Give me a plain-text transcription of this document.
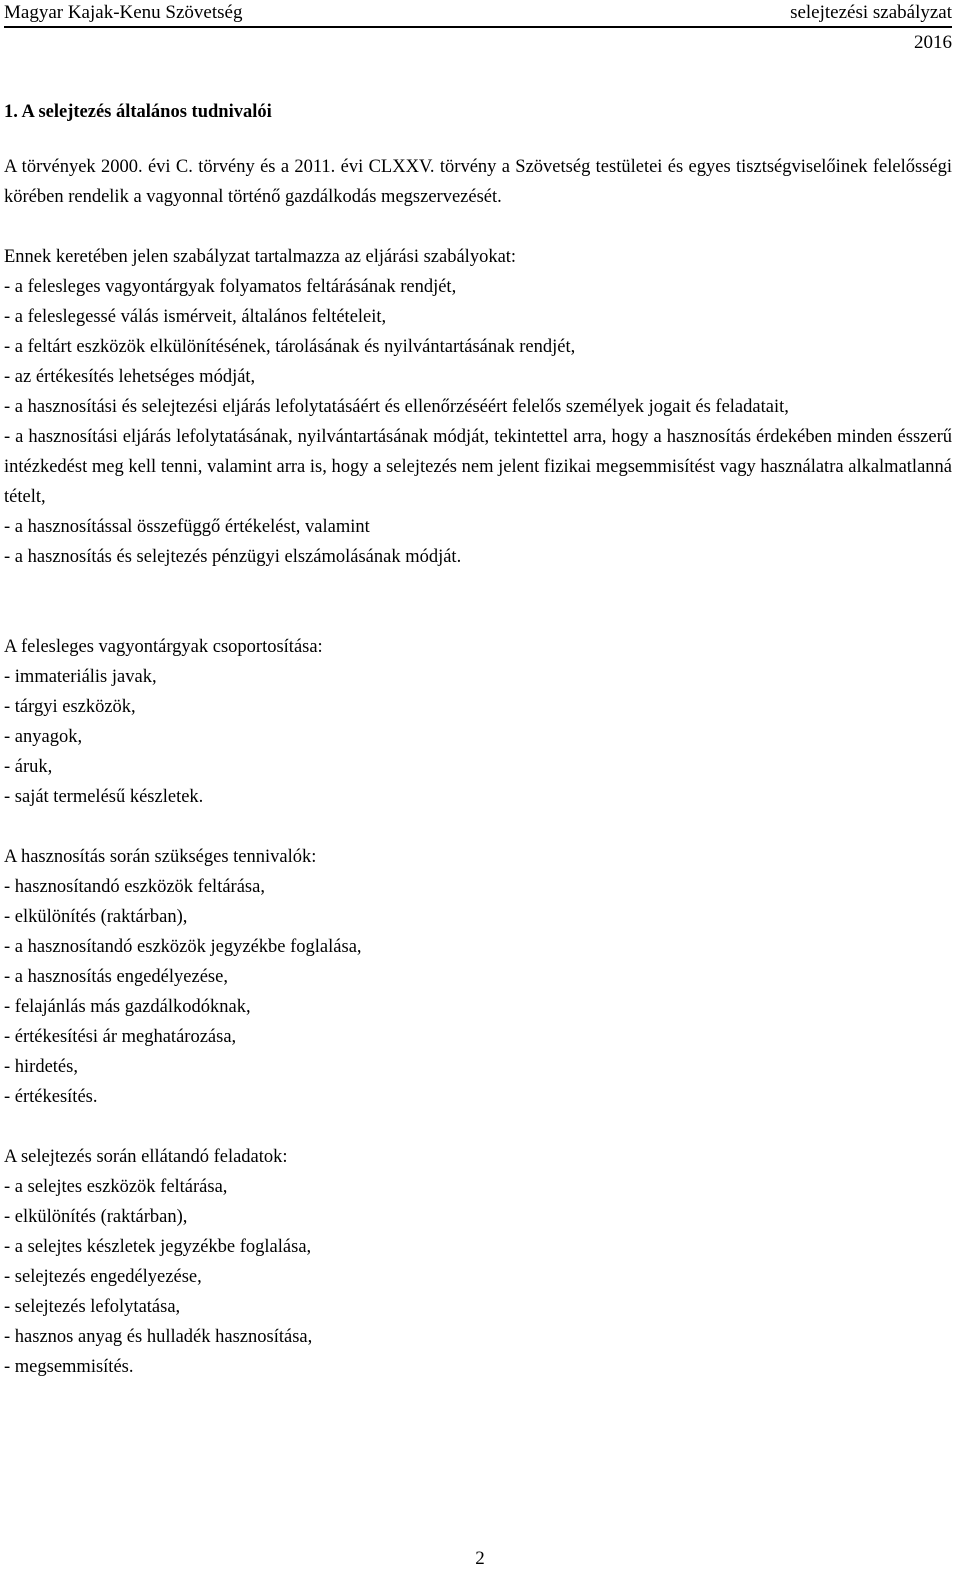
Magyar Kajak-Kenu Szövetség	selejtezési szabályzat
2016
1. A selejtezés általános tudnivalói

A törvények 2000. évi C. törvény és a 2011. évi CLXXV. törvény a Szövetség testületei és egyes tisztségviselőinek felelősségi körében rendelik a vagyonnal történő gazdálkodás megszervezését.

Ennek keretében jelen szabályzat tartalmazza az eljárási szabályokat:

- a felesleges vagyontárgyak folyamatos feltárásának rendjét,

- a feleslegessé válás ismérveit, általános feltételeit,

- a feltárt eszközök elkülönítésének, tárolásának és nyilvántartásának rendjét,

- az értékesítés lehetséges módját,

- a hasznosítási és selejtezési eljárás lefolytatásáért és ellenőrzéséért felelős személyek jogait és feladatait,

- a hasznosítási eljárás lefolytatásának, nyilvántartásának módját, tekintettel arra, hogy a hasznosítás érdekében minden ésszerű intézkedést meg kell tenni, valamint arra is, hogy a selejtezés nem jelent fizikai megsemmisítést vagy használatra alkalmatlanná tételt,

- a hasznosítással összefüggő értékelést, valamint

- a hasznosítás és selejtezés pénzügyi elszámolásának módját.

A felesleges vagyontárgyak csoportosítása:

- immateriális javak,

- tárgyi eszközök,

- anyagok,

- áruk,

- saját termelésű készletek.

A hasznosítás során szükséges tennivalók:

- hasznosítandó eszközök feltárása,

- elkülönítés (raktárban),

- a hasznosítandó eszközök jegyzékbe foglalása,

- a hasznosítás engedélyezése,

- felajánlás más gazdálkodóknak,

- értékesítési ár meghatározása,

- hirdetés,

- értékesítés.

A selejtezés során ellátandó feladatok:

- a selejtes eszközök feltárása,

- elkülönítés (raktárban),

- a selejtes készletek jegyzékbe foglalása,

- selejtezés engedélyezése,

- selejtezés lefolytatása,

- hasznos anyag és hulladék hasznosítása,

- megsemmisítés.

2
